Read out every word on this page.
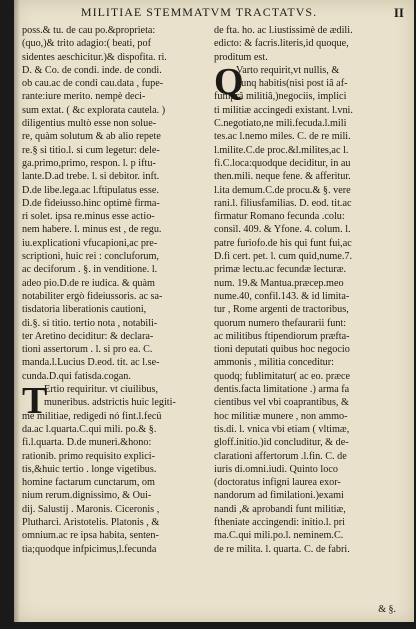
MILITIAE STEMMATVM TRACTATVS.	II
poss.& tu. de cau po.&proprieta:
(quo,)& trito adagio:( beati, pof
sidentes aeschicitur.)& dispofita. ri.
D. & Co. de condi. inde. de condi.
ob cau.ac de condi cau.data , fupe-
rante:iure merito. nempè deci-
sum extat. ( &c explorata cautela. )
diligentius multò esse non solue-
re, quàm solutum & ab alio repete
re.§ si titio.l. si cum legetur: dele-
ga.primo,primo, respon. l. p iftu-
lante.D.ad trebe. l. si debitor. inft.
D.de libe.lega.ac l.ftipulatus esse.
D.de fideiusso.hinc optimè firma-
ri solet. ipsa re.minus esse actio-
nem habere. l. minus est , de regu.
iu.explicationi vfucapioni,ac pre-
scriptioni, huic rei : concluforum,
ac deciforum . §. in venditione. l.
adeo pio.D.de re iudica. & quàm
notabiliter ergò fideiussoris. ac sa-
tisdatoria liberationis cautioni,
di.§. si titio. tertio nota , notabili-
ter Aretino deciditur: & declara-
tioni assertorum . l. si pro ea. C.
manda.l.Lucius D.eod. tit. ac l.se-
cunda.D.qui fatisda.cogan.
T
Ertio requiritur. vt ciuilibus,
muneribus. adstrictis huic legiti-
me militiae, redigedi nó fint.l.fecü
da.ac l.quarta.C.qui mili. po.& §.
fi.l.quarta. D.de muneri.&hono:
rationib. primo requisito explici-
tis,&huic tertio . longe vigetibus.
homine factarum cunctarum, om
nium rerum.dignissimo, & Oui-
dij. Salustij . Maronis. Ciceronis ,
Plutharci. Aristotelis. Platonis , &
omnium.ac re ipsa habita, senten-
tia;quodque infpicimus,l.fecunda
de fta. ho. ac l.iustissimè de ædili.
edicto: & facris.literis,id quoque,
proditum est.
Q
Varto requirit,vt nullis, &
nunq habitis(nisi post iâ af-
fumprâ militiâ,)negociis, implici
ti militiæ accingedi existant. l.vni.
C.negotiato,ne mili.fecuda.l.mili
tes.ac l.nemo miles. C. de re mili.
l.milite.C.de proc.&l.milites,ac l.
fi.C.loca:quodque deciditur, in au
then.mili. neque fene. & afferitur.
l.ita demum.C.de procu.& §. vere
rani.l. filiusfamilias. D. eod. tit.ac
firmatur Romano fecunda .colu:
consil. 409. & Yfone. 4. colum. l.
patre furiofo.de his qui funt fui,ac
D.fi cert. pet. l. cum quid,nume.7.
primæ lectu.ac fecundæ lecturæ.
num. 19.& Mantua.præcep.meo
nume.40, confil.143. & id limita-
tur , Rome argenti de tractoribus,
quorum numero thefaurarii funt:
ac militibus ftipendiorum præfta-
tioni deputati quibus hoc negocio
ammonis , militia conceditur:
quodq; fublimitatur( ac eo. præce
dentis.facta limitatione .) arma fa
cientibus vel vbi coaprantibus, &
hoc militiæ munere , non ammo-
tis.di. l. vnica vbi etiam ( vltimæ,
gloff.initio.)id concluditur, & de-
clarationi affertorum .l.fin. C. de
iuris di.omni.iudi. Quinto loco
(doctoratus infigni laurea exor-
nandorum ad fimilationi.)exami
nandi ,& aprobandi funt militiæ,
ftheniate accingendi: initio.l. pri
ma.C.qui mili.po.l. neminem.C.
de re milita. l. quarta. C. de fabri.
& §.
